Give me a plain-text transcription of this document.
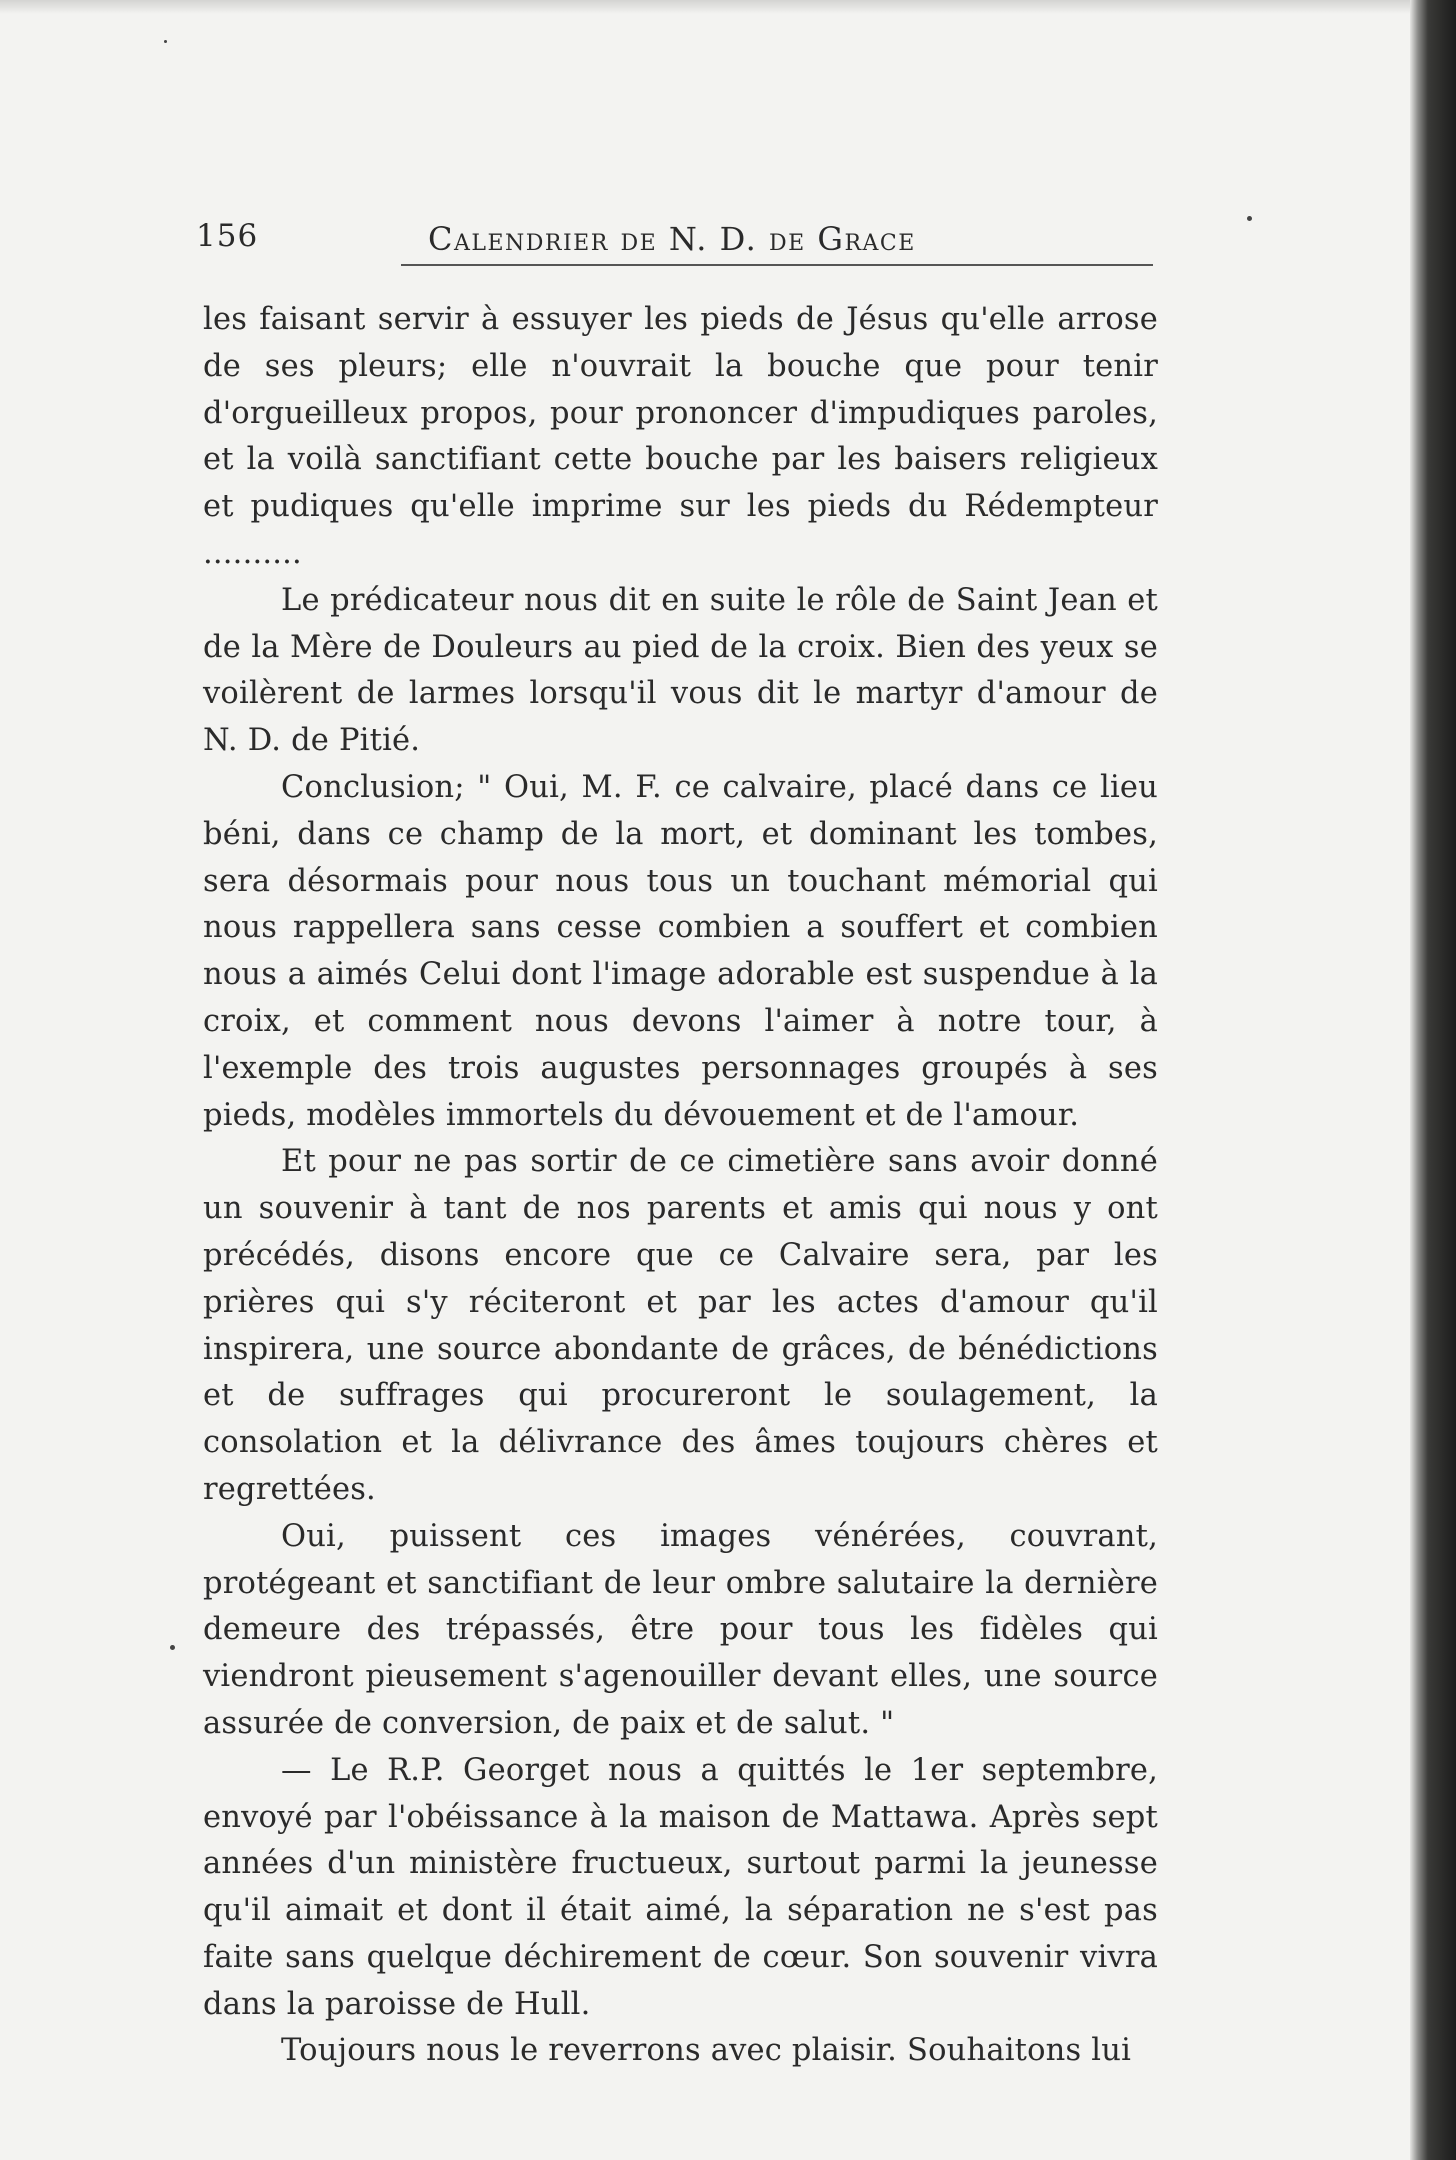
156	Calendrier de N. D. de Grace

les faisant servir à essuyer les pieds de Jésus qu'elle arrose de ses pleurs; elle n'ouvrait la bouche que pour tenir d'orgueilleux propos, pour prononcer d'impudiques paroles, et la voilà sanctifiant cette bouche par les baisers religieux et pudiques qu'elle imprime sur les pieds du Rédempteur ..........

Le prédicateur nous dit en suite le rôle de Saint Jean et de la Mère de Douleurs au pied de la croix. Bien des yeux se voilèrent de larmes lorsqu'il vous dit le martyr d'amour de N. D. de Pitié.

Conclusion; " Oui, M. F. ce calvaire, placé dans ce lieu béni, dans ce champ de la mort, et dominant les tombes, sera désormais pour nous tous un touchant mémorial qui nous rappellera sans cesse combien a souffert et combien nous a aimés Celui dont l'image adorable est suspendue à la croix, et comment nous devons l'aimer à notre tour, à l'exemple des trois augustes personnages groupés à ses pieds, modèles immortels du dévouement et de l'amour.

Et pour ne pas sortir de ce cimetière sans avoir donné un souvenir à tant de nos parents et amis qui nous y ont précédés, disons encore que ce Calvaire sera, par les prières qui s'y réciteront et par les actes d'amour qu'il inspirera, une source abondante de grâces, de bénédictions et de suffrages qui procureront le soulagement, la consolation et la délivrance des âmes toujours chères et regrettées.

Oui, puissent ces images vénérées, couvrant, protégeant et sanctifiant de leur ombre salutaire la dernière demeure des trépassés, être pour tous les fidèles qui viendront pieusement s'agenouiller devant elles, une source assurée de conversion, de paix et de salut. "

— Le R.P. Georget nous a quittés le 1er septembre, envoyé par l'obéissance à la maison de Mattawa. Après sept années d'un ministère fructueux, surtout parmi la jeunesse qu'il aimait et dont il était aimé, la séparation ne s'est pas faite sans quelque déchirement de cœur. Son souvenir vivra dans la paroisse de Hull.

Toujours nous le reverrons avec plaisir. Souhaitons lui
